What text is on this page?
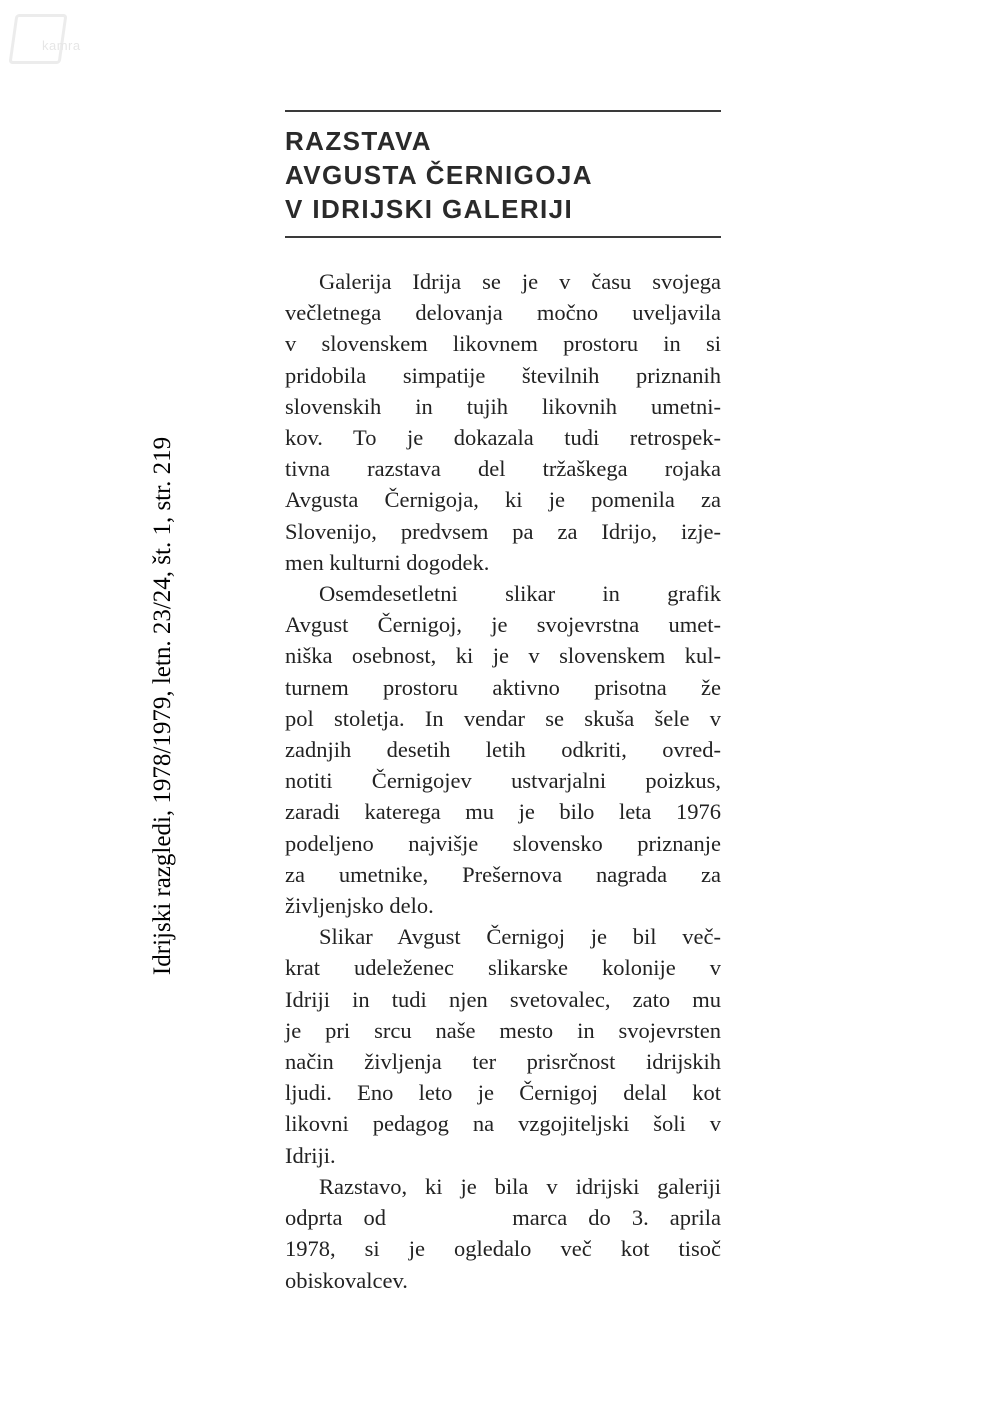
kamra
Idrijski razgledi, 1978/1979, letn. 23/24, št. 1, str. 219
RAZSTAVA
AVGUSTA ČERNIGOJA
V IDRIJSKI GALERIJI
Galerija Idrija se je v času svojega
večletnega delovanja močno uveljavila
v slovenskem likovnem prostoru in si
pridobila simpatije številnih priznanih
slovenskih in tujih likovnih umetni-
kov. To je dokazala tudi retrospek-
tivna razstava del tržaškega rojaka
Avgusta Černigoja, ki je pomenila za
Slovenijo, predvsem pa za Idrijo, izje-
men kulturni dogodek.
Osemdesetletni slikar in grafik
Avgust Černigoj, je svojevrstna umet-
niška osebnost, ki je v slovenskem kul-
turnem prostoru aktivno prisotna že
pol stoletja. In vendar se skuša šele v
zadnjih desetih letih odkriti, ovred-
notiti Černigojev ustvarjalni poizkus,
zaradi katerega mu je bilo leta 1976
podeljeno najvišje slovensko priznanje
za umetnike, Prešernova nagrada za
življenjsko delo.
Slikar Avgust Černigoj je bil več-
krat udeleženec slikarske kolonije v
Idriji in tudi njen svetovalec, zato mu
je pri srcu naše mesto in svojevrsten
način življenja ter prisrčnost idrijskih
ljudi. Eno leto je Černigoj delal kot
likovni pedagog na vzgojiteljski šoli v
Idriji.
Razstavo, ki je bila v idrijski galeriji
odprta od      marca do 3. aprila
1978, si je ogledalo več kot tisoč
obiskovalcev.
